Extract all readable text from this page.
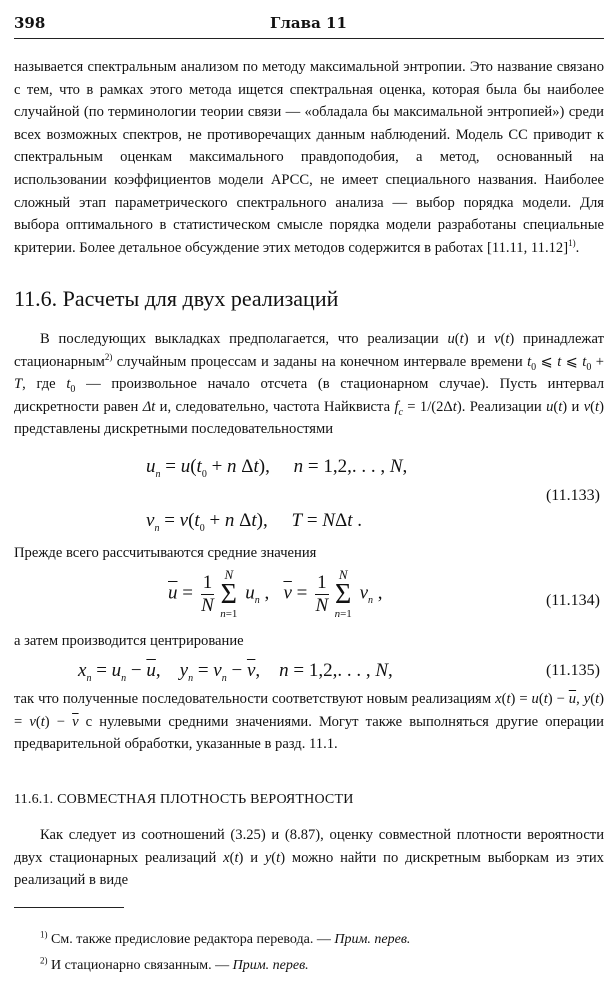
398	Глава 11
называется спектральным анализом по методу максимальной энтропии. Это название связано с тем, что в рамках этого метода ищется спектральная оценка, которая была бы наиболее случайной (по терминологии теории связи — «обладала бы максимальной энтропией») среди всех возможных спектров, не противоречащих данным наблюдений. Модель СС приводит к спектральным оценкам максимального правдоподобия, а метод, основанный на использовании коэффициентов модели АРСС, не имеет специального названия. Наиболее сложный этап параметрического спектрального анализа — выбор порядка модели. Для выбора оптимального в статистическом смысле порядка модели разработаны специальные критерии. Более детальное обсуждение этих методов содержится в работах [11.11, 11.12]$^{1)}$.
11.6. Расчеты для двух реализаций
В последующих выкладках предполагается, что реализации u(t) и v(t) принадлежат стационарным$^{2)}$ случайным процессам и заданы на конечном интервале времени $t_0$ ⩽ t ⩽ $t_0 + T$, где $t_0$ — произвольное начало отсчета (в стационарном случае). Пусть интервал дискретности равен Δt и, следовательно, частота Найквиста $f_c = 1/(2\Delta t)$. Реализации u(t) и v(t) представлены дискретными последовательностями
$u_n = u(t_0 + n$ Δt),     n = 1,2,. . . , N,
$v_n = v(t_0 + n$ Δt),     T = NΔt .
(11.133)
Прежде всего рассчитываются средние значения
$\overline{u} = \frac{1}{N}$ N
Σ
n=1
$u_n$ ,   $\overline{v} = \frac{1}{N}$ N
Σ
n=1
$v_n$ ,	(11.134)
а затем производится центрирование
$x_n = u_n - \overline{u}$,    $y_n = v_n - \overline{v}$,    n = 1,2,. . . , N,	(11.135)
так что полученные последовательности соответствуют новым реализациям $x(t) = u(t) - \overline{u}$, $y(t) = v(t) - \overline{v}$ с нулевыми средними значениями. Могут также выполняться другие операции предварительной обработки, указанные в разд. 11.1.
11.6.1. СОВМЕСТНАЯ ПЛОТНОСТЬ ВЕРОЯТНОСТИ
Как следует из соотношений (3.25) и (8.87), оценку совместной плотности вероятности двух стационарных реализаций x(t) и y(t) можно найти по дискретным выборкам из этих реализаций в виде
$^{1)}$ См. также предисловие редактора перевода. — Прим. перев.
$^{2)}$ И стационарно связанным. — Прим. перев.
